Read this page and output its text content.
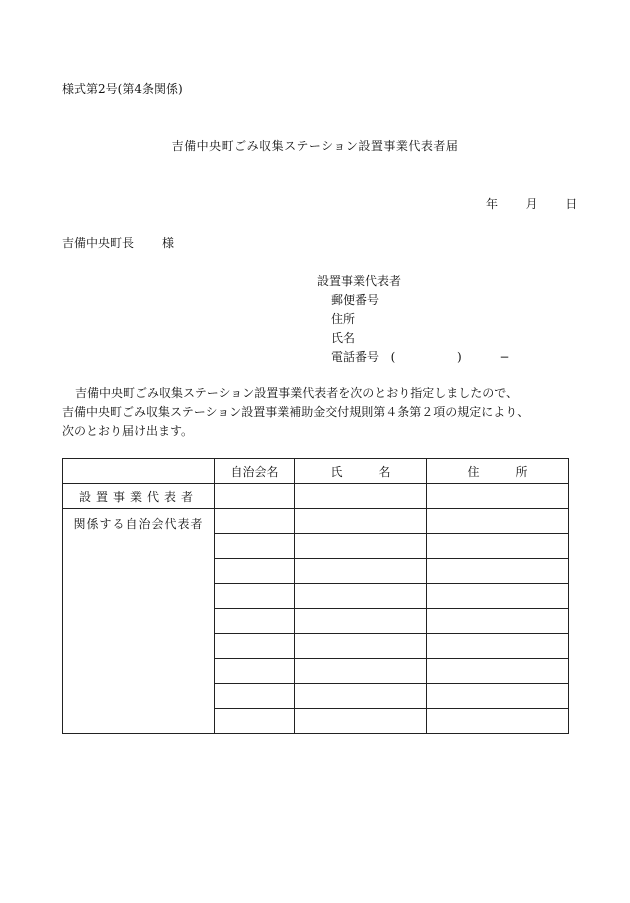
様式第2号(第4条関係)
吉備中央町ごみ収集ステーション設置事業代表者届
年 月 日
吉備中央町長 様
設置事業代表者
郵便番号
住所
氏名
電話番号 (	)	−
吉備中央町ごみ収集ステーション設置事業代表者を次のとおり指定しましたので、
吉備中央町ごみ収集ステーション設置事業補助金交付規則第４条第２項の規定により、
次のとおり届け出ます。
	自治会名	氏　　　名	住　　　所
設置事業代表者			
関係する自治会代表者			
